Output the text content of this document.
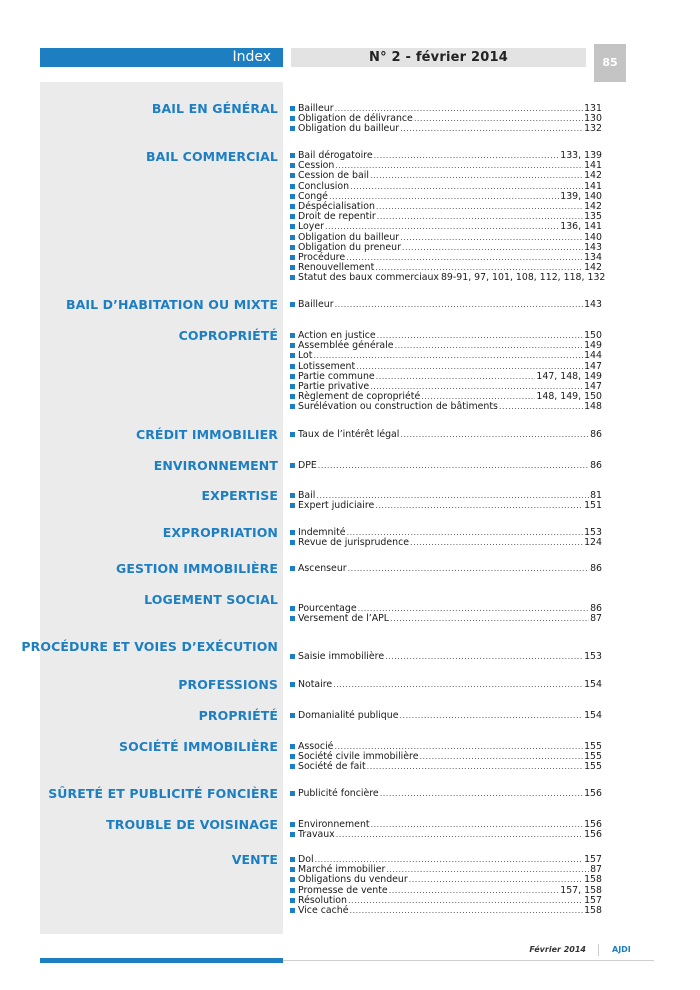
Index	N° 2 - février 2014	85
BAIL EN GÉNÉRAL Bailleur .....	131
Obligation de délivrance .....	130
Obligation du bailleur .....	132
BAIL COMMERCIAL Bail dérogatoire .....	133, 139
Cession .....	141
Cession de bail .....	142
Conclusion .....	141
Congé .....	139, 140
Déspécialisation .....	142
Droit de repentir .....	135
Loyer .....	136, 141
Obligation du bailleur .....	140
Obligation du preneur .....	143
Procédure .....	134
Renouvellement .....	142
Statut des baux commerciaux 89-91, 97, 101, 108, 112, 118, 132
BAIL D’HABITATION OU MIXTE Bailleur .....	143
COPROPRIÉTÉ Action en justice .....	150
Assemblée générale .....	149
Lot .....	144
Lotissement .....	147
Partie commune .....	147, 148, 149
Partie privative .....	147
Règlement de copropriété .....	148, 149, 150
Surélévation ou construction de bâtiments .....	148
CRÉDIT IMMOBILIER Taux de l’intérêt légal .....	86
ENVIRONNEMENT DPE .....	86
EXPERTISE Bail .....	81
Expert judiciaire .....	151
EXPROPRIATION Indemnité .....	153
Revue de jurisprudence .....	124
GESTION IMMOBILIÈRE Ascenseur .....	86
LOGEMENT SOCIAL
Pourcentage .....	86
Versement de l’APL .....	87
PROCÉDURE ET VOIES D’EXÉCUTION
Saisie immobilière .....	153
PROFESSIONS Notaire .....	154
PROPRIÉTÉ Domanialité publique .....	154
SOCIÉTÉ IMMOBILIÈRE Associé .....	155
Société civile immobilière .....	155
Société de fait .....	155
SÛRETÉ ET PUBLICITÉ FONCIÈRE Publicité foncière .....	156
TROUBLE DE VOISINAGE Environnement .....	156
Travaux .....	156
VENTE Dol .....	157
Marché immobilier .....	87
Obligations du vendeur .....	158
Promesse de vente .....	157, 158
Résolution .....	157
Vice caché .....	158
Février 2014	AJDI
